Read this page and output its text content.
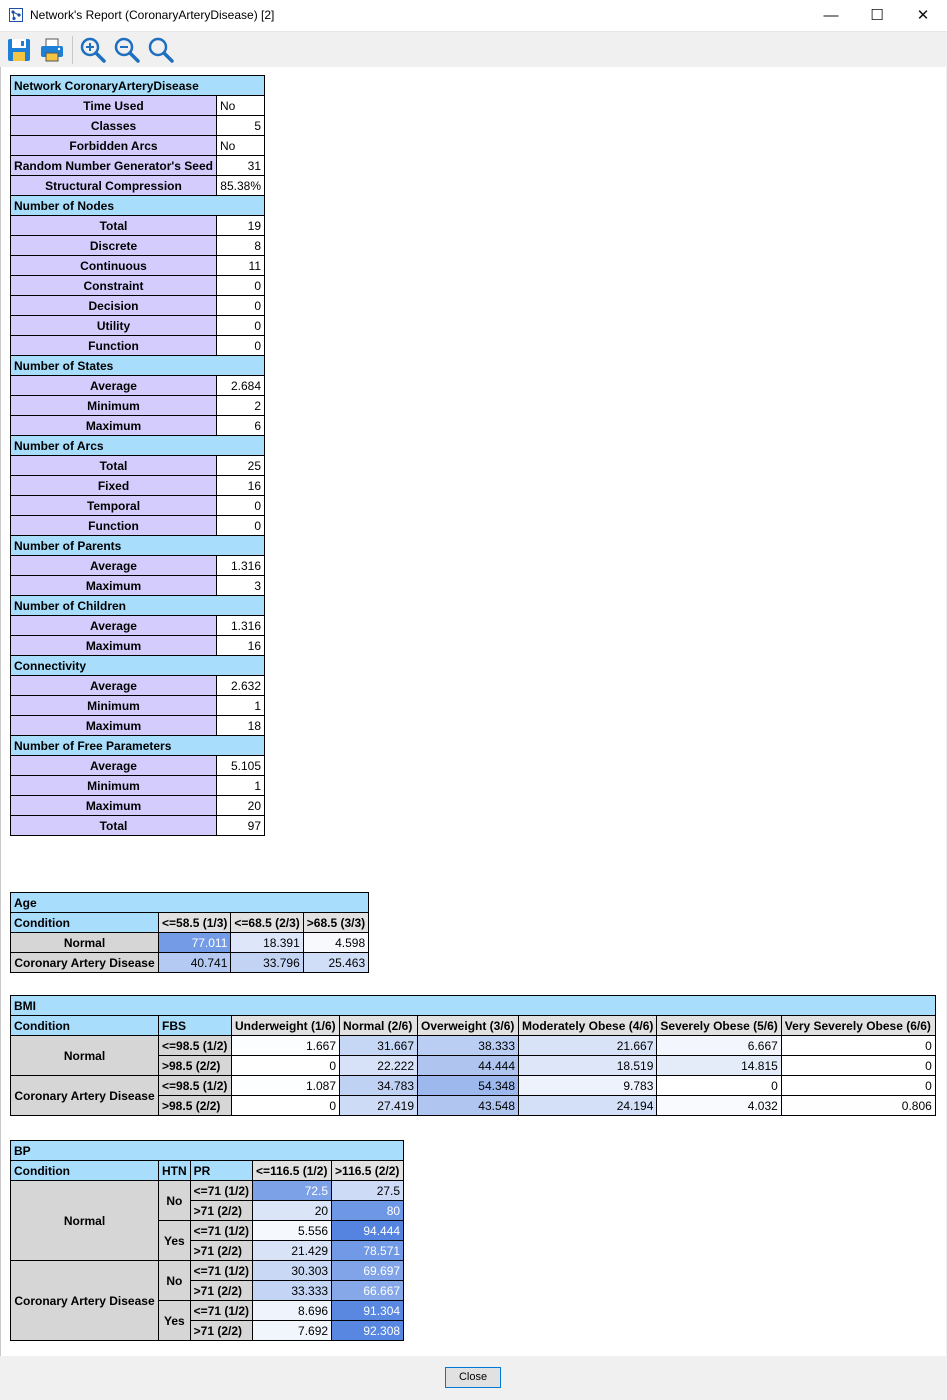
Network's Report (CoronaryArteryDisease) [2]	—	☐	✕
Network CoronaryArteryDisease	
Time Used	No
Classes	5
Forbidden Arcs	No
Random Number Generator's Seed	31
Structural Compression	85.38%
Number of Nodes	
Total	19
Discrete	8
Continuous	11
Constraint	0
Decision	0
Utility	0
Function	0
Number of States	
Average	2.684
Minimum	2
Maximum	6
Number of Arcs	
Total	25
Fixed	16
Temporal	0
Function	0
Number of Parents	
Average	1.316
Maximum	3
Number of Children	
Average	1.316
Maximum	16
Connectivity	
Average	2.632
Minimum	1
Maximum	18
Number of Free Parameters	
Average	5.105
Minimum	1
Maximum	20
Total	97
Age			
Condition	<=58.5 (1/3)	<=68.5 (2/3)	>68.5 (3/3)
Normal	77.011	18.391	4.598
Coronary Artery Disease	40.741	33.796	25.463
BMI							
Condition	FBS	Underweight (1/6)	Normal (2/6)	Overweight (3/6)	Moderately Obese (4/6)	Severely Obese (5/6)	Very Severely Obese (6/6)
Normal	<=98.5 (1/2)	1.667	31.667	38.333	21.667	6.667	0
	>98.5 (2/2)	0	22.222	44.444	18.519	14.815	0
Coronary Artery Disease	<=98.5 (1/2)	1.087	34.783	54.348	9.783	0	0
	>98.5 (2/2)	0	27.419	43.548	24.194	4.032	0.806
BP				
Condition	HTN	PR	<=116.5 (1/2)	>116.5 (2/2)
Normal	No	<=71 (1/2)	72.5	27.5
		>71 (2/2)	20	80
	Yes	<=71 (1/2)	5.556	94.444
		>71 (2/2)	21.429	78.571
Coronary Artery Disease	No	<=71 (1/2)	30.303	69.697
		>71 (2/2)	33.333	66.667
	Yes	<=71 (1/2)	8.696	91.304
		>71 (2/2)	7.692	92.308
Close
